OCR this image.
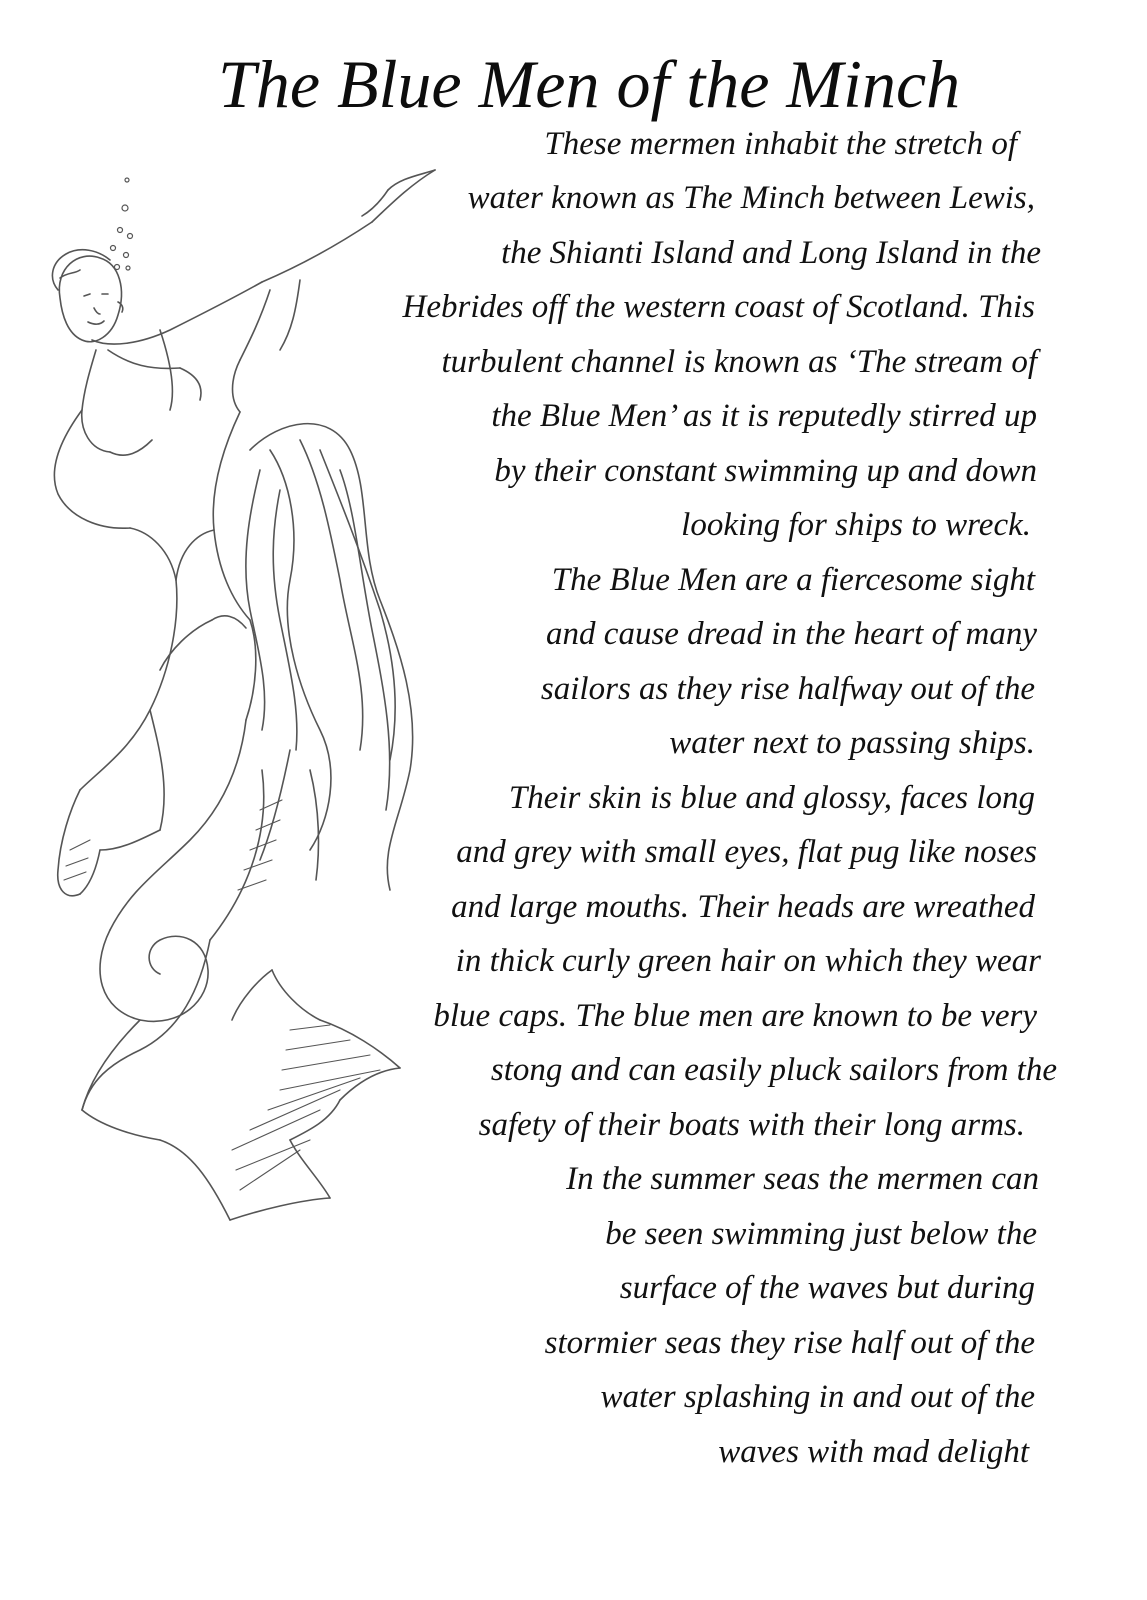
The Blue Men of the Minch
These mermen inhabit the stretch of
water known as The Minch between Lewis,
the Shianti Island and Long Island in the
Hebrides off the western coast of Scotland. This
turbulent channel is known as ‘The stream of
the Blue Men’ as it is reputedly stirred up
by their constant swimming up and down
looking for ships to wreck.
The Blue Men are a fiercesome sight
and cause dread in the heart of many
sailors as they rise halfway out of the
water next to passing ships.
Their skin is blue and glossy, faces long
and grey with small eyes, flat pug like noses
and large mouths. Their heads are wreathed
in thick curly green hair on which they wear
blue caps. The blue men are known to be very
stong and can easily pluck sailors from the
safety of their boats with their long arms.
In the summer seas the mermen can
be seen swimming just below the
surface of the waves but during
stormier seas they rise half out of the
water splashing in and out of the
waves with mad delight
